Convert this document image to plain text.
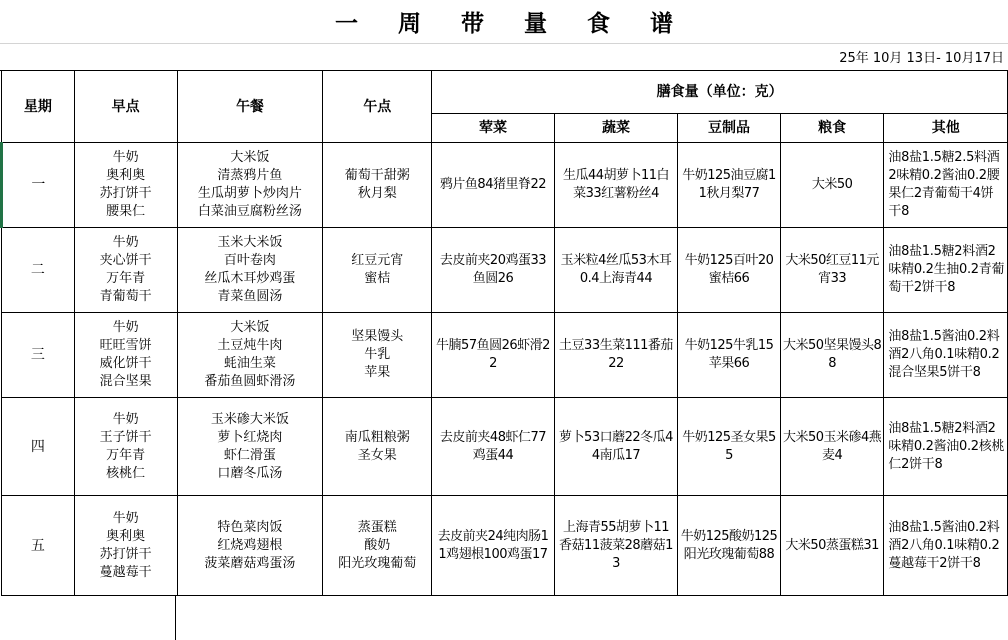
一 周 带 量 食 谱
25年 10月 13日- 10月17日
星期	早点	午餐	午点	膳食量（单位：克）				
				荤菜	蔬菜	豆制品	粮食	其他
一	牛奶
奥利奥
苏打饼干
腰果仁	大米饭
清蒸鸦片鱼
生瓜胡萝卜炒肉片
白菜油豆腐粉丝汤	葡萄干甜粥
秋月梨	鸦片鱼84猪里脊22	生瓜44胡萝卜11白菜33红薯粉丝4	牛奶125油豆腐11秋月梨77	大米50	油8盐1.5糖2.5料酒2味精0.2酱油0.2腰果仁2青葡萄干4饼干8
二	牛奶
夹心饼干
万年青
青葡萄干	玉米大米饭
百叶卷肉
丝瓜木耳炒鸡蛋
青菜鱼圆汤	红豆元宵
蜜桔	去皮前夹20鸡蛋33鱼圆26	玉米粒4丝瓜53木耳0.4上海青44	牛奶125百叶20蜜桔66	大米50红豆11元宵33	油8盐1.5糖2料酒2味精0.2生抽0.2青葡萄干2饼干8
三	牛奶
旺旺雪饼
威化饼干
混合坚果	大米饭
土豆炖牛肉
蚝油生菜
番茄鱼圆虾滑汤	坚果馒头
牛乳
苹果	牛腩57鱼圆26虾滑22	土豆33生菜111番茄22	牛奶125牛乳15苹果66	大米50坚果馒头88	油8盐1.5酱油0.2料酒2八角0.1味精0.2混合坚果5饼干8
四	牛奶
王子饼干
万年青
核桃仁	玉米碜大米饭
萝卜红烧肉
虾仁滑蛋
口蘑冬瓜汤	南瓜粗粮粥
圣女果	去皮前夹48虾仁77鸡蛋44	萝卜53口蘑22冬瓜44南瓜17	牛奶125圣女果55	大米50玉米碜4燕麦4	油8盐1.5糖2料酒2味精0.2酱油0.2核桃仁2饼干8
五	牛奶
奥利奥
苏打饼干
蔓越莓干	特色菜肉饭
红烧鸡翅根
菠菜蘑菇鸡蛋汤	蒸蛋糕
酸奶
阳光玫瑰葡萄	去皮前夹24纯肉肠11鸡翅根100鸡蛋17	上海青55胡萝卜11香菇11菠菜28蘑菇13	牛奶125酸奶125阳光玫瑰葡萄88	大米50蒸蛋糕31	油8盐1.5酱油0.2料酒2八角0.1味精0.2蔓越莓干2饼干8
